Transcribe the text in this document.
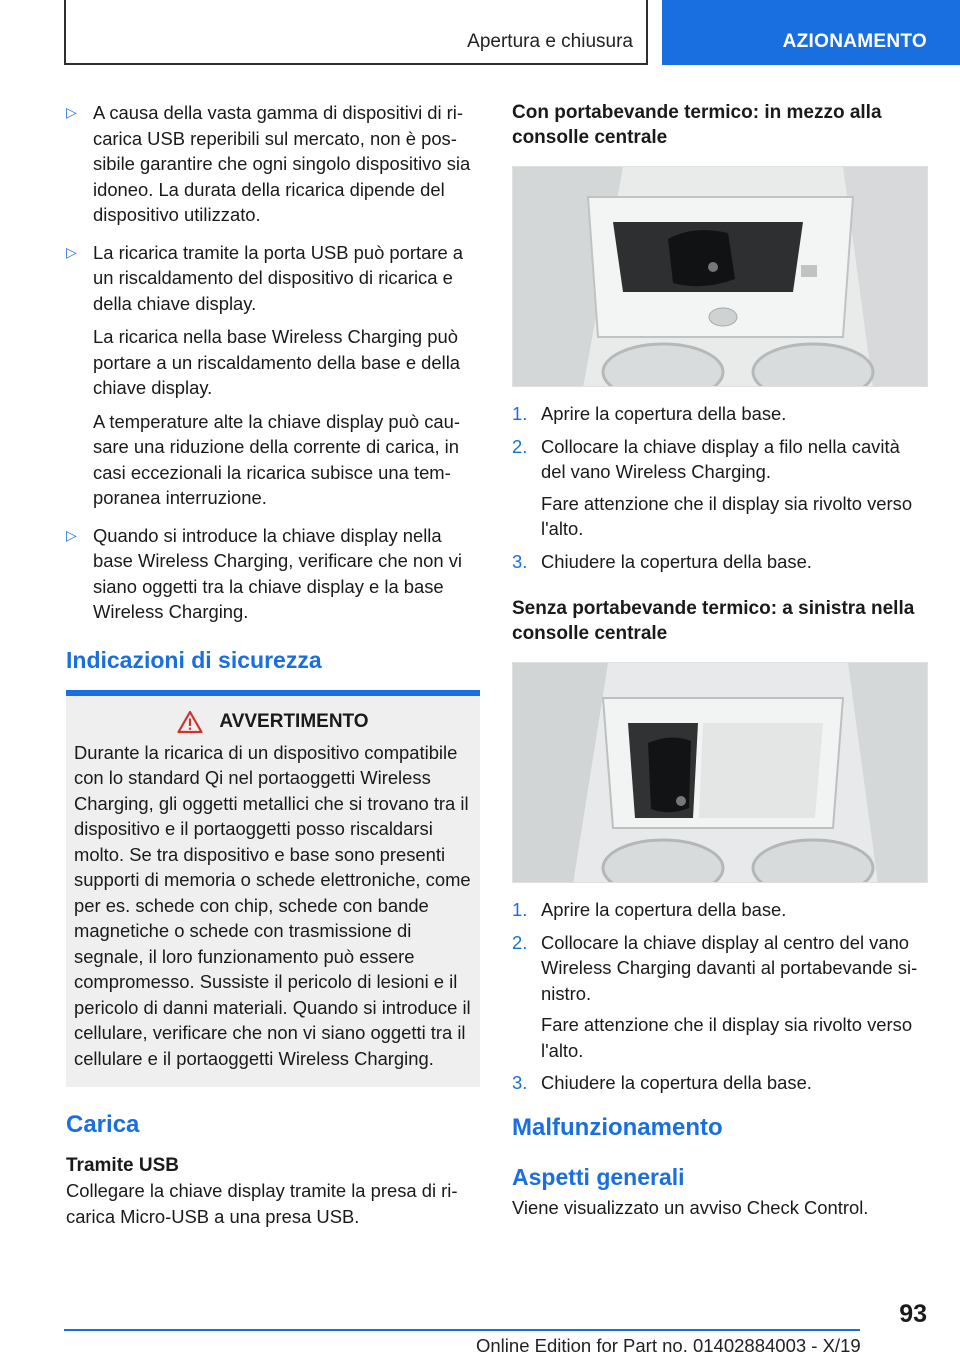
Apertura e chiusura	AZIONAMENTO
▷ A causa della vasta gamma di dispositivi di ricarica USB reperibili sul mercato, non è possibile garantire che ogni singolo dispositivo sia idoneo. La durata della ricarica dipende del dispositivo utilizzato.

▷ La ricarica tramite la porta USB può portare a un riscaldamento del dispositivo di ricarica e della chiave display.

La ricarica nella base Wireless Charging può portare a un riscaldamento della base e della chiave display.

A temperature alte la chiave display può causare una riduzione della corrente di carica, in casi eccezionali la ricarica subisce una temporanea interruzione.

▷ Quando si introduce la chiave display nella base Wireless Charging, verificare che non vi siano oggetti tra la chiave display e la base Wireless Charging.

Indicazioni di sicurezza
AVVERTIMENTO

Durante la ricarica di un dispositivo compatibile con lo standard Qi nel portaoggetti Wireless Charging, gli oggetti metallici che si trovano tra il dispositivo e il portaoggetti posso riscaldarsi molto. Se tra dispositivo e base sono presenti supporti di memoria o schede elettroniche, come per es. schede con chip, schede con bande magnetiche o schede con trasmissione di segnale, il loro funzionamento può essere compromesso. Sussiste il pericolo di lesioni e il pericolo di danni materiali. Quando si introduce il cellulare, verificare che non vi siano oggetti tra il cellulare e il portaoggetti Wireless Charging.

Carica
Tramite USB

Collegare la chiave display tramite la presa di ricarica Micro-USB a una presa USB.

Con portabevande termico: in mezzo alla consolle centrale
1. Aprire la copertura della base.

2. Collocare la chiave display a filo nella cavità del vano Wireless Charging.

Fare attenzione che il display sia rivolto verso l'alto.

3. Chiudere la copertura della base.

Senza portabevande termico: a sinistra nella consolle centrale
1. Aprire la copertura della base.

2. Collocare la chiave display al centro del vano Wireless Charging davanti al portabevande sinistro.

Fare attenzione che il display sia rivolto verso l'alto.

3. Chiudere la copertura della base.

Malfunzionamento
Aspetti generali

Viene visualizzato un avviso Check Control.

93
Online Edition for Part no. 01402884003 - X/19
